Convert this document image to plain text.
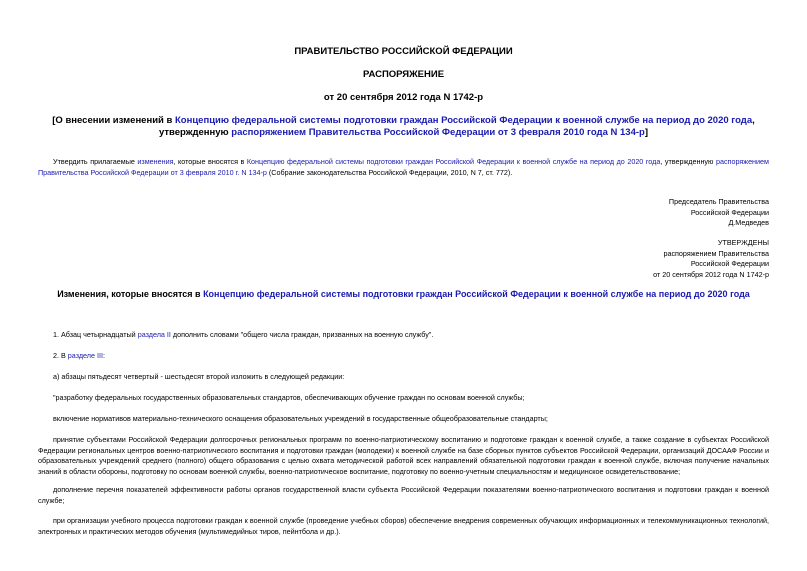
ПРАВИТЕЛЬСТВО РОССИЙСКОЙ ФЕДЕРАЦИИ
РАСПОРЯЖЕНИЕ
от 20 сентября 2012 года N 1742-р
[О внесении изменений в Концепцию федеральной системы подготовки граждан Российской Федерации к военной службе на период до 2020 года, утвержденную распоряжением Правительства Российской Федерации от 3 февраля 2010 года N 134-р]
Утвердить прилагаемые изменения, которые вносятся в Концепцию федеральной системы подготовки граждан Российской Федерации к военной службе на период до 2020 года, утвержденную распоряжением Правительства Российской Федерации от 3 февраля 2010 г. N 134-р (Собрание законодательства Российской Федерации, 2010, N 7, ст. 772).
Председатель Правительства
Российской Федерации
Д.Медведев
УТВЕРЖДЕНЫ
распоряжением Правительства
Российской Федерации
от 20 сентября 2012 года N 1742-р
Изменения, которые вносятся в Концепцию федеральной системы подготовки граждан Российской Федерации к военной службе на период до 2020 года
1. Абзац четырнадцатый раздела II дополнить словами "общего числа граждан, призванных на военную службу".
2. В разделе III:
а) абзацы пятьдесят четвертый - шестьдесят второй изложить в следующей редакции:
"разработку федеральных государственных образовательных стандартов, обеспечивающих обучение граждан по основам военной службы;
включение нормативов материально-технического оснащения образовательных учреждений в государственные общеобразовательные стандарты;
принятие субъектами Российской Федерации долгосрочных региональных программ по военно-патриотическому воспитанию и подготовке граждан к военной службе, а также создание в субъектах Российской Федерации региональных центров военно-патриотического воспитания и подготовки граждан (молодежи) к военной службе на базе сборных пунктов субъектов Российской Федерации, организаций ДОСААФ России и образовательных учреждений среднего (полного) общего образования с целью охвата методической работой всех направлений обязательной подготовки граждан к военной службе, включая получение начальных знаний в области обороны, подготовку по основам военной службы, военно-патриотическое воспитание, подготовку по военно-учетным специальностям и медицинское освидетельствование;
дополнение перечня показателей эффективности работы органов государственной власти субъекта Российской Федерации показателями военно-патриотического воспитания и подготовки граждан к военной службе;
при организации учебного процесса подготовки граждан к военной службе (проведение учебных сборов) обеспечение внедрения современных обучающих информационных и телекоммуникационных технологий, электронных и практических методов обучения (мультимедийных тиров, пейнтбола и др.).
